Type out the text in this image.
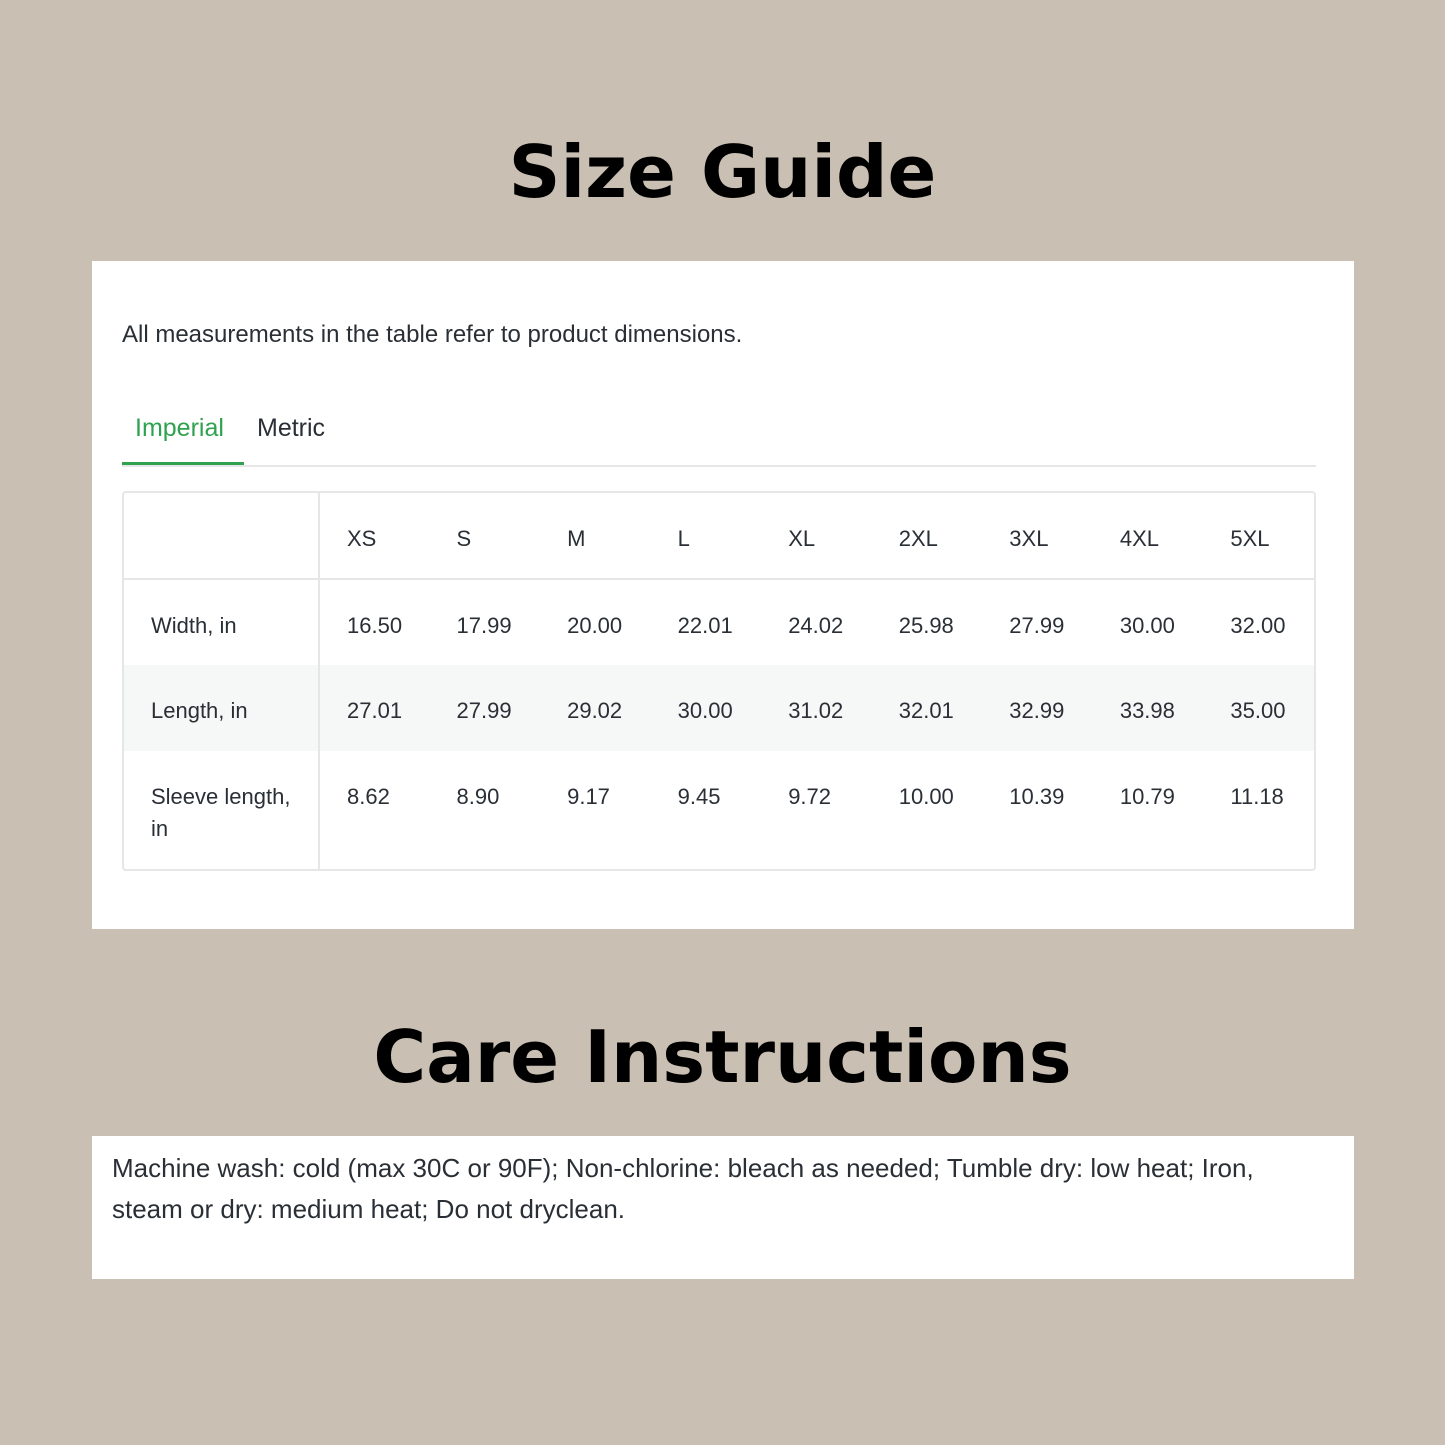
Size Guide

All measurements in the table refer to product dimensions.

Imperial	Metric
	XS	S	M	L	XL	2XL	3XL	4XL	5XL
Width, in	16.50	17.99	20.00	22.01	24.02	25.98	27.99	30.00	32.00
Length, in	27.01	27.99	29.02	30.00	31.02	32.01	32.99	33.98	35.00
Sleeve length, in	8.62	8.90	9.17	9.45	9.72	10.00	10.39	10.79	11.18
Care Instructions

Machine wash: cold (max 30C or 90F); Non-chlorine: bleach as needed; Tumble dry: low heat; Iron, steam or dry: medium heat; Do not dryclean.
